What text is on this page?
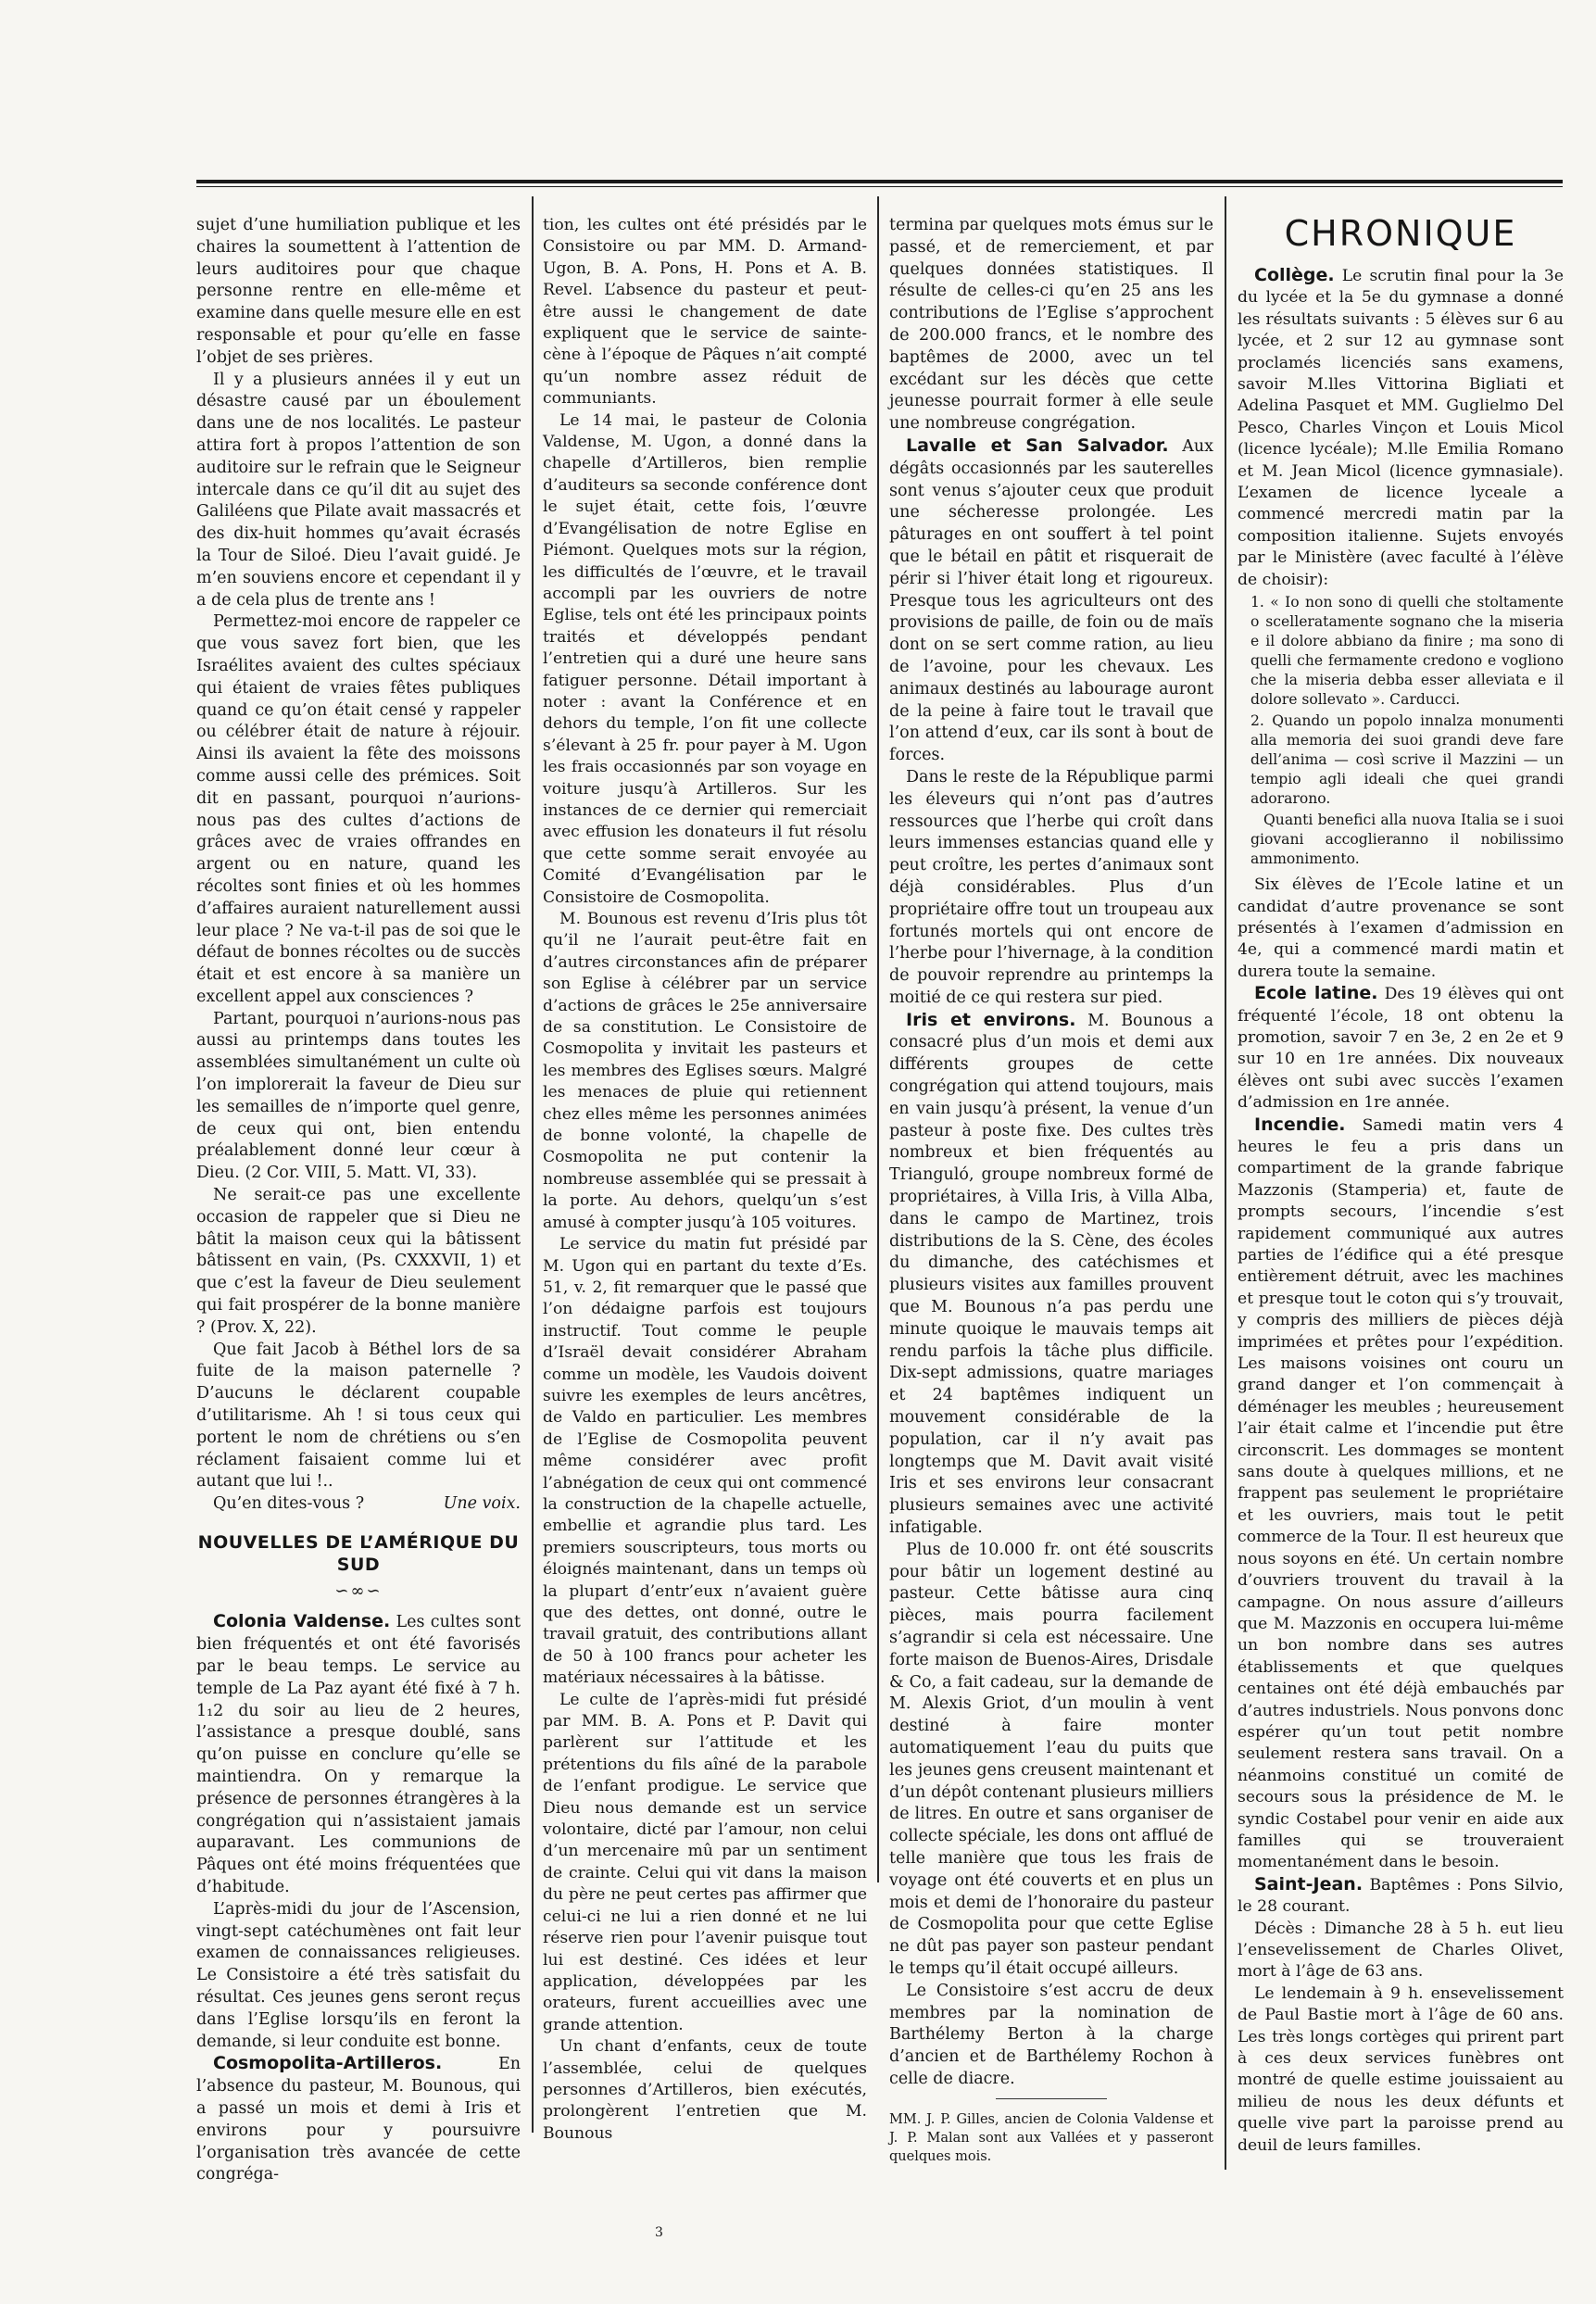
sujet d’une humiliation publique et les chaires la soumettent à l’attention de leurs auditoires pour que chaque personne rentre en elle-même et examine dans quelle mesure elle en est responsable et pour qu’elle en fasse l’objet de ses prières.

Il y a plusieurs années il y eut un désastre causé par un éboulement dans une de nos localités. Le pasteur attira fort à propos l’attention de son auditoire sur le refrain que le Seigneur intercale dans ce qu’il dit au sujet des Galiléens que Pilate avait massacrés et des dix-huit hommes qu’avait écrasés la Tour de Siloé. Dieu l’avait guidé. Je m’en souviens encore et cependant il y a de cela plus de trente ans !

Permettez-moi encore de rappeler ce que vous savez fort bien, que les Israélites avaient des cultes spéciaux qui étaient de vraies fêtes publiques quand ce qu’on était censé y rappeler ou célébrer était de nature à réjouir. Ainsi ils avaient la fête des moissons comme aussi celle des prémices. Soit dit en passant, pourquoi n’aurions-nous pas des cultes d’actions de grâces avec de vraies offrandes en argent ou en nature, quand les récoltes sont finies et où les hommes d’affaires auraient naturellement aussi leur place ? Ne va-t-il pas de soi que le défaut de bonnes récoltes ou de succès était et est encore à sa manière un excellent appel aux consciences ?

Partant, pourquoi n’aurions-nous pas aussi au printemps dans toutes les assemblées simultanément un culte où l’on implorerait la faveur de Dieu sur les semailles de n’importe quel genre, de ceux qui ont, bien entendu préalablement donné leur cœur à Dieu. (2 Cor. VIII, 5. Matt. VI, 33).

Ne serait-ce pas une excellente occasion de rappeler que si Dieu ne bâtit la maison ceux qui la bâtissent bâtissent en vain, (Ps. CXXXVII, 1) et que c’est la faveur de Dieu seulement qui fait prospérer de la bonne manière ? (Prov. X, 22).

Que fait Jacob à Béthel lors de sa fuite de la maison paternelle ? D’aucuns le déclarent coupable d’utilitarisme. Ah ! si tous ceux qui portent le nom de chrétiens ou s’en réclament faisaient comme lui et autant que lui !..

Qu’en dites-vous ?	Une voix.

NOUVELLES DE L’AMÉRIQUE DU SUD
∽∞∽

Colonia Valdense. Les cultes sont bien fréquentés et ont été favorisés par le beau temps. Le service au temple de La Paz ayant été fixé à 7 h. 1₁2 du soir au lieu de 2 heures, l’assistance a presque doublé, sans qu’on puisse en conclure qu’elle se maintiendra. On y remarque la présence de personnes étrangères à la congrégation qui n’assistaient jamais auparavant. Les communions de Pâques ont été moins fréquentées que d’habitude.

L’après-midi du jour de l’Ascension, vingt-sept catéchumènes ont fait leur examen de connaissances religieuses. Le Consistoire a été très satisfait du résultat. Ces jeunes gens seront reçus dans l’Eglise lorsqu’ils en feront la demande, si leur conduite est bonne.

Cosmopolita-Artilleros. En l’absence du pasteur, M. Bounous, qui a passé un mois et demi à Iris et environs pour y poursuivre l’organisation très avancée de cette congréga-

tion, les cultes ont été présidés par le Consistoire ou par MM. D. Armand-Ugon, B. A. Pons, H. Pons et A. B. Revel. L’absence du pasteur et peut-être aussi le changement de date expliquent que le service de sainte-cène à l’époque de Pâques n’ait compté qu’un nombre assez réduit de communiants.

Le 14 mai, le pasteur de Colonia Valdense, M. Ugon, a donné dans la chapelle d’Artilleros, bien remplie d’auditeurs sa seconde conférence dont le sujet était, cette fois, l’œuvre d’Evangélisation de notre Eglise en Piémont. Quelques mots sur la région, les difficultés de l’œuvre, et le travail accompli par les ouvriers de notre Eglise, tels ont été les principaux points traités et développés pendant l’entretien qui a duré une heure sans fatiguer personne. Détail important à noter : avant la Conférence et en dehors du temple, l’on fit une collecte s’élevant à 25 fr. pour payer à M. Ugon les frais occasionnés par son voyage en voiture jusqu’à Artilleros. Sur les instances de ce dernier qui remerciait avec effusion les donateurs il fut résolu que cette somme serait envoyée au Comité d’Evangélisation par le Consistoire de Cosmopolita.

M. Bounous est revenu d’Iris plus tôt qu’il ne l’aurait peut-être fait en d’autres circonstances afin de préparer son Eglise à célébrer par un service d’actions de grâces le 25e anniversaire de sa constitution. Le Consistoire de Cosmopolita y invitait les pasteurs et les membres des Eglises sœurs. Malgré les menaces de pluie qui retiennent chez elles même les personnes animées de bonne volonté, la chapelle de Cosmopolita ne put contenir la nombreuse assemblée qui se pressait à la porte. Au dehors, quelqu’un s’est amusé à compter jusqu’à 105 voitures.

Le service du matin fut présidé par M. Ugon qui en partant du texte d’Es. 51, v. 2, fit remarquer que le passé que l’on dédaigne parfois est toujours instructif. Tout comme le peuple d’Israël devait considérer Abraham comme un modèle, les Vaudois doivent suivre les exemples de leurs ancêtres, de Valdo en particulier. Les membres de l’Eglise de Cosmopolita peuvent même considérer avec profit l’abnégation de ceux qui ont commencé la construction de la chapelle actuelle, embellie et agrandie plus tard. Les premiers souscripteurs, tous morts ou éloignés maintenant, dans un temps où la plupart d’entr’eux n’avaient guère que des dettes, ont donné, outre le travail gratuit, des contributions allant de 50 à 100 francs pour acheter les matériaux nécessaires à la bâtisse.

Le culte de l’après-midi fut présidé par MM. B. A. Pons et P. Davit qui parlèrent sur l’attitude et les prétentions du fils aîné de la parabole de l’enfant prodigue. Le service que Dieu nous demande est un service volontaire, dicté par l’amour, non celui d’un mercenaire mû par un sentiment de crainte. Celui qui vit dans la maison du père ne peut certes pas affirmer que celui-ci ne lui a rien donné et ne lui réserve rien pour l’avenir puisque tout lui est destiné. Ces idées et leur application, développées par les orateurs, furent accueillies avec une grande attention.

Un chant d’enfants, ceux de toute l’assemblée, celui de quelques personnes d’Artilleros, bien exécutés, prolongèrent l’entretien que M. Bounous

termina par quelques mots émus sur le passé, et de remerciement, et par quelques données statistiques. Il résulte de celles-ci qu’en 25 ans les contributions de l’Eglise s’approchent de 200.000 francs, et le nombre des baptêmes de 2000, avec un tel excédant sur les décès que cette jeunesse pourrait former à elle seule une nombreuse congrégation.

Lavalle et San Salvador. Aux dégâts occasionnés par les sauterelles sont venus s’ajouter ceux que produit une sécheresse prolongée. Les pâturages en ont souffert à tel point que le bétail en pâtit et risquerait de périr si l’hiver était long et rigoureux. Presque tous les agriculteurs ont des provisions de paille, de foin ou de maïs dont on se sert comme ration, au lieu de l’avoine, pour les chevaux. Les animaux destinés au labourage auront de la peine à faire tout le travail que l’on attend d’eux, car ils sont à bout de forces.

Dans le reste de la République parmi les éleveurs qui n’ont pas d’autres ressources que l’herbe qui croît dans leurs immenses estancias quand elle y peut croître, les pertes d’animaux sont déjà considérables. Plus d’un propriétaire offre tout un troupeau aux fortunés mortels qui ont encore de l’herbe pour l’hivernage, à la condition de pouvoir reprendre au printemps la moitié de ce qui restera sur pied.

Iris et environs. M. Bounous a consacré plus d’un mois et demi aux différents groupes de cette congrégation qui attend toujours, mais en vain jusqu’à présent, la venue d’un pasteur à poste fixe. Des cultes très nombreux et bien fréquentés au Trianguló, groupe nombreux formé de propriétaires, à Villa Iris, à Villa Alba, dans le campo de Martinez, trois distributions de la S. Cène, des écoles du dimanche, des catéchismes et plusieurs visites aux familles prouvent que M. Bounous n’a pas perdu une minute quoique le mauvais temps ait rendu parfois la tâche plus difficile. Dix-sept admissions, quatre mariages et 24 baptêmes indiquent un mouvement considérable de la population, car il n’y avait pas longtemps que M. Davit avait visité Iris et ses environs leur consacrant plusieurs semaines avec une activité infatigable.

Plus de 10.000 fr. ont été souscrits pour bâtir un logement destiné au pasteur. Cette bâtisse aura cinq pièces, mais pourra facilement s’agrandir si cela est nécessaire. Une forte maison de Buenos-Aires, Drisdale & Co, a fait cadeau, sur la demande de M. Alexis Griot, d’un moulin à vent destiné à faire monter automatiquement l’eau du puits que les jeunes gens creusent maintenant et d’un dépôt contenant plusieurs milliers de litres. En outre et sans organiser de collecte spéciale, les dons ont afflué de telle manière que tous les frais de voyage ont été couverts et en plus un mois et demi de l’honoraire du pasteur de Cosmopolita pour que cette Eglise ne dût pas payer son pasteur pendant le temps qu’il était occupé ailleurs.

Le Consistoire s’est accru de deux membres par la nomination de Barthélemy Berton à la charge d’ancien et de Barthélemy Rochon à celle de diacre.

MM. J. P. Gilles, ancien de Colonia Valdense et J. P. Malan sont aux Vallées et y passeront quelques mois.
CHRONIQUE

Collège. Le scrutin final pour la 3e du lycée et la 5e du gymnase a donné les résultats suivants : 5 élèves sur 6 au lycée, et 2 sur 12 au gymnase sont proclamés licenciés sans examens, savoir M.lles Vittorina Bigliati et Adelina Pasquet et MM. Guglielmo Del Pesco, Charles Vinçon et Louis Micol (licence lycéale); M.lle Emilia Romano et M. Jean Micol (licence gymnasiale). L’examen de licence lyceale a commencé mercredi matin par la composition italienne. Sujets envoyés par le Ministère (avec faculté à l’élève de choisir):

1. « Io non sono di quelli che stoltamente o scelleratamente sognano che la miseria e il dolore abbiano da finire ; ma sono di quelli che fermamente credono e vogliono che la miseria debba esser alleviata e il dolore sollevato ». Carducci.
2. Quando un popolo innalza monumenti alla memoria dei suoi grandi deve fare dell’anima — così scrive il Mazzini — un tempio agli ideali che quei grandi adorarono.
Quanti benefici alla nuova Italia se i suoi giovani accoglieranno il nobilissimo ammonimento.

Six élèves de l’Ecole latine et un candidat d’autre provenance se sont présentés à l’examen d’admission en 4e, qui a commencé mardi matin et durera toute la semaine.

Ecole latine. Des 19 élèves qui ont fréquenté l’école, 18 ont obtenu la promotion, savoir 7 en 3e, 2 en 2e et 9 sur 10 en 1re années. Dix nouveaux élèves ont subi avec succès l’examen d’admission en 1re année.

Incendie. Samedi matin vers 4 heures le feu a pris dans un compartiment de la grande fabrique Mazzonis (Stamperia) et, faute de prompts secours, l’incendie s’est rapidement communiqué aux autres parties de l’édifice qui a été presque entièrement détruit, avec les machines et presque tout le coton qui s’y trouvait, y compris des milliers de pièces déjà imprimées et prêtes pour l’expédition. Les maisons voisines ont couru un grand danger et l’on commençait à déménager les meubles ; heureusement l’air était calme et l’incendie put être circonscrit. Les dommages se montent sans doute à quelques millions, et ne frappent pas seulement le propriétaire et les ouvriers, mais tout le petit commerce de la Tour. Il est heureux que nous soyons en été. Un certain nombre d’ouvriers trouvent du travail à la campagne. On nous assure d’ailleurs que M. Mazzonis en occupera lui-même un bon nombre dans ses autres établissements et que quelques centaines ont été déjà embauchés par d’autres industriels. Nous ponvons donc espérer qu’un tout petit nombre seulement restera sans travail. On a néanmoins constitué un comité de secours sous la présidence de M. le syndic Costabel pour venir en aide aux familles qui se trouveraient momentanément dans le besoin.

Saint-Jean. Baptêmes : Pons Silvio, le 28 courant.

Décès : Dimanche 28 à 5 h. eut lieu l’ensevelissement de Charles Olivet, mort à l’âge de 63 ans.

Le lendemain à 9 h. ensevelissement de Paul Bastie mort à l’âge de 60 ans. Les très longs cortèges qui prirent part à ces deux services funèbres ont montré de quelle estime jouissaient au milieu de nous les deux défunts et quelle vive part la paroisse prend au deuil de leurs familles.

3
